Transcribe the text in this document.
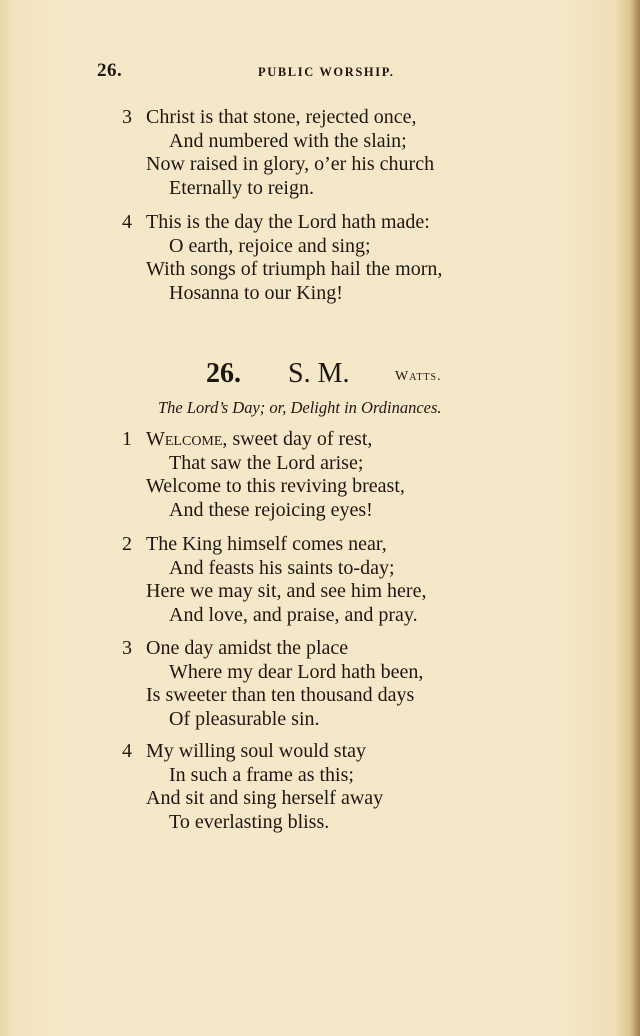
26.	PUBLIC WORSHIP.
3 Christ is that stone, rejected once,
And numbered with the slain;
Now raised in glory, o’er his church
Eternally to reign.
4 This is the day the Lord hath made:
O earth, rejoice and sing;
With songs of triumph hail the morn,
Hosanna to our King!
26. S. M.	Watts.
The Lord’s Day; or, Delight in Ordinances.
1 Welcome, sweet day of rest,
That saw the Lord arise;
Welcome to this reviving breast,
And these rejoicing eyes!
2 The King himself comes near,
And feasts his saints to-day;
Here we may sit, and see him here,
And love, and praise, and pray.
3 One day amidst the place
Where my dear Lord hath been,
Is sweeter than ten thousand days
Of pleasurable sin.
4 My willing soul would stay
In such a frame as this;
And sit and sing herself away
To everlasting bliss.
